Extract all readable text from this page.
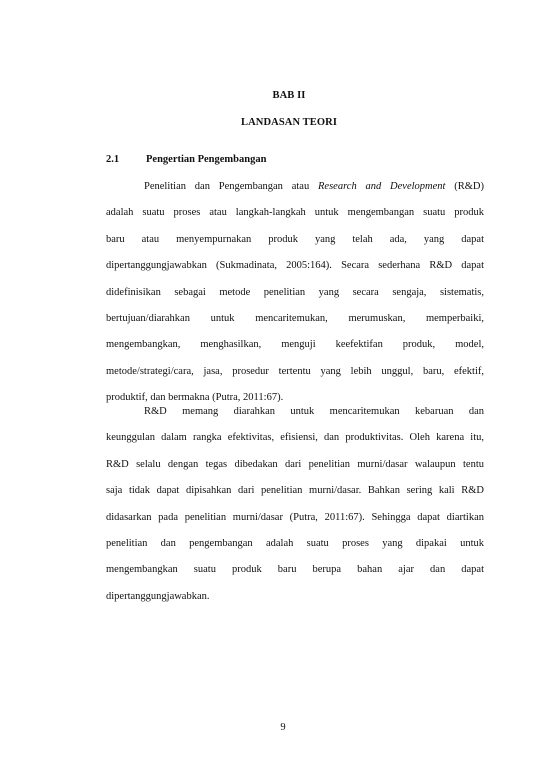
BAB II
LANDASAN TEORI
2.1	Pengertian Pengembangan
Penelitian dan Pengembangan atau Research and Development (R&D)
adalah suatu proses atau langkah-langkah untuk mengembangan suatu produk
baru atau menyempurnakan produk yang telah ada, yang dapat
dipertanggungjawabkan (Sukmadinata, 2005:164). Secara sederhana R&D dapat
didefinisikan sebagai metode penelitian yang secara sengaja, sistematis,
bertujuan/diarahkan untuk mencaritemukan, merumuskan, memperbaiki,
mengembangkan, menghasilkan, menguji keefektifan produk, model,
metode/strategi/cara, jasa, prosedur tertentu yang lebih unggul, baru, efektif,
produktif, dan bermakna (Putra, 2011:67).
R&D memang diarahkan untuk mencaritemukan kebaruan dan
keunggulan dalam rangka efektivitas, efisiensi, dan produktivitas. Oleh karena itu,
R&D selalu dengan tegas dibedakan dari penelitian murni/dasar walaupun tentu
saja tidak dapat dipisahkan dari penelitian murni/dasar. Bahkan sering kali R&D
didasarkan pada penelitian murni/dasar (Putra, 2011:67). Sehingga dapat diartikan
penelitian dan pengembangan adalah suatu proses yang dipakai untuk
mengembangkan suatu produk baru berupa bahan ajar dan dapat
dipertanggungjawabkan.
9
